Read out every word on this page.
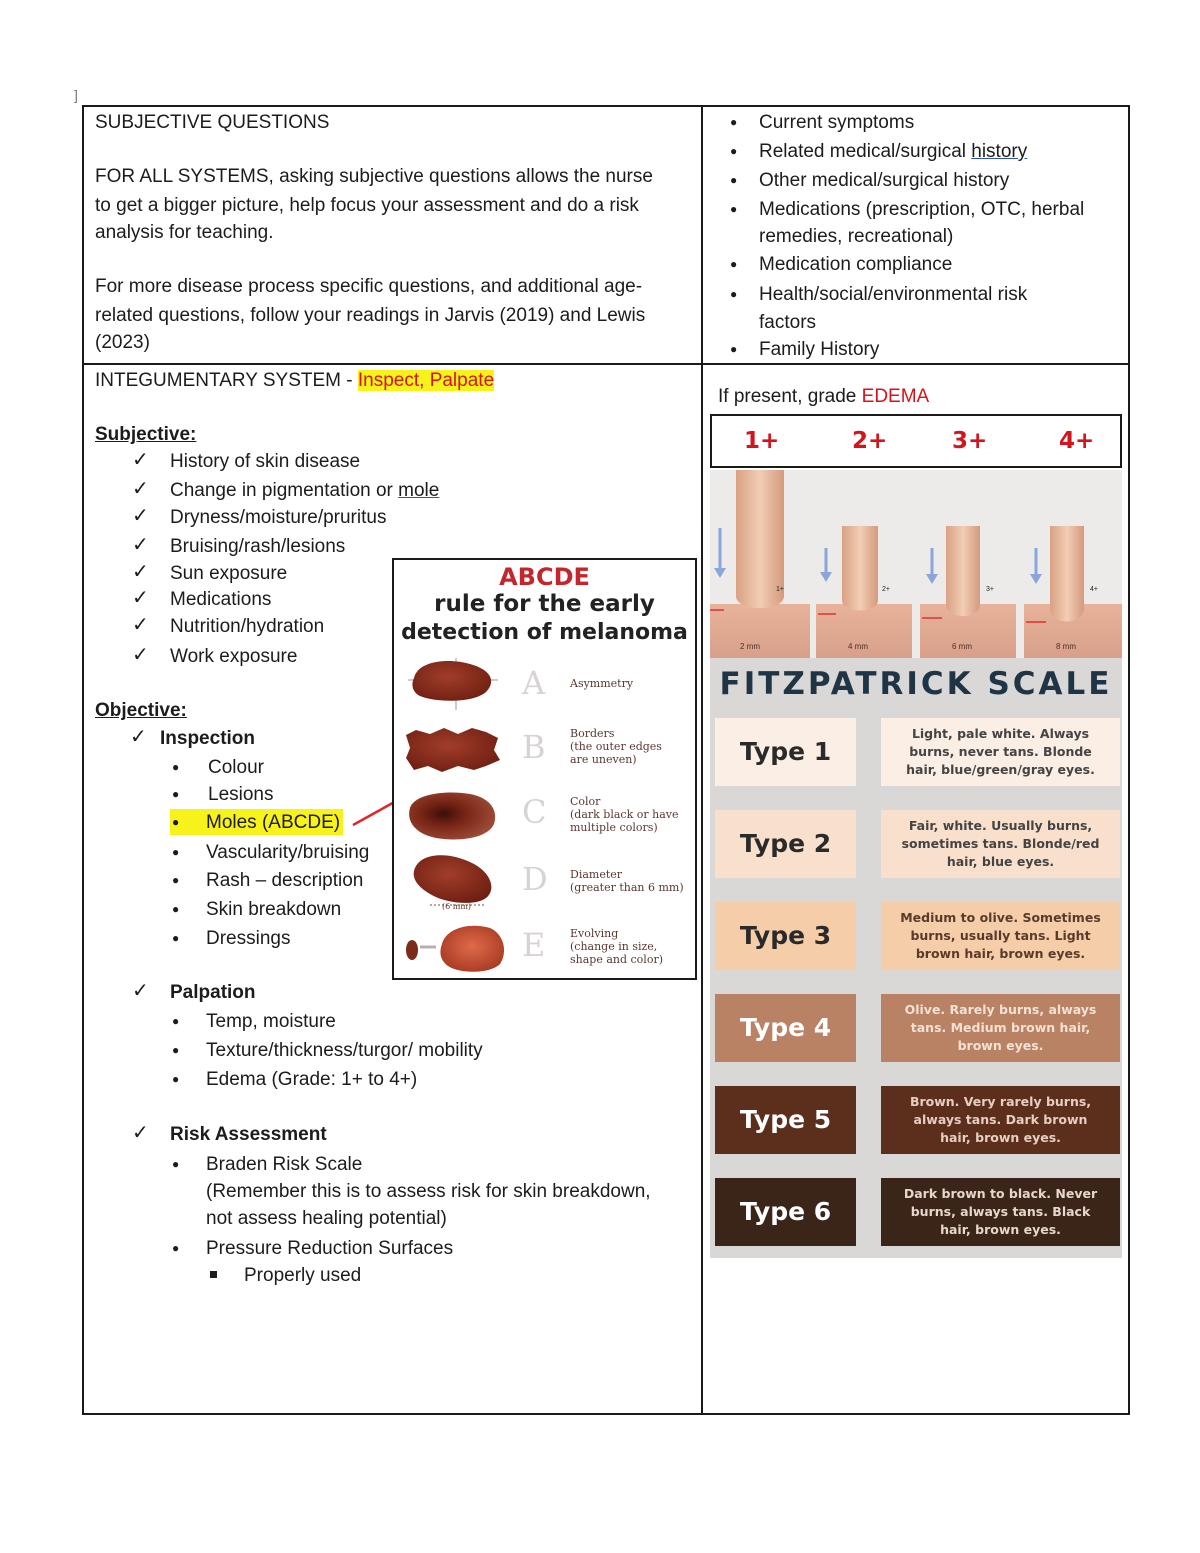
]
SUBJECTIVE QUESTIONS
FOR ALL SYSTEMS, asking subjective questions allows the nurse
to get a bigger picture, help focus your assessment and do a risk
analysis for teaching.
For more disease process specific questions, and additional age-
related questions, follow your readings in Jarvis (2019) and Lewis
(2023)
● Current symptoms
● Related medical/surgical history
● Other medical/surgical history
● Medications (prescription, OTC, herbal
remedies, recreational)
● Medication compliance
● Health/social/environmental risk
factors
● Family History
INTEGUMENTARY SYSTEM - Inspect, Palpate
Subjective:
✓ History of skin disease
✓ Change in pigmentation or mole
✓ Dryness/moisture/pruritus
✓ Bruising/rash/lesions
✓ Sun exposure
✓ Medications
✓ Nutrition/hydration
✓ Work exposure
Objective:
✓ Inspection
● Colour
● Lesions
● Moles (ABCDE)
● Vascularity/bruising
● Rash – description
● Skin breakdown
● Dressings
✓ Palpation
● Temp, moisture
● Texture/thickness/turgor/ mobility
● Edema (Grade: 1+ to 4+)
✓ Risk Assessment
● Braden Risk Scale
(Remember this is to assess risk for skin breakdown,
not assess healing potential)
● Pressure Reduction Surfaces
Properly used
ABCDE
rule for the early
detection of melanoma
A Asymmetry
B Borders
(the outer edges
are uneven)
C Color
(dark black or have
multiple colors)
D Diameter
(greater than 6 mm)
(6 mm)
E Evolving
(change in size,
shape and color)
If present, grade EDEMA
1+	2+	3+	4+
1+	2+	3+	4+
2 mm	4 mm	6 mm	8 mm
FITZPATRICK SCALE
Type 1
Light, pale white. Always
burns, never tans. Blonde
hair, blue/green/gray eyes.
Type 2
Fair, white. Usually burns,
sometimes tans. Blonde/red
hair, blue eyes.
Type 3
Medium to olive. Sometimes
burns, usually tans. Light
brown hair, brown eyes.
Type 4
Olive. Rarely burns, always
tans. Medium brown hair,
brown eyes.
Type 5
Brown. Very rarely burns,
always tans. Dark brown
hair, brown eyes.
Type 6
Dark brown to black. Never
burns, always tans. Black
hair, brown eyes.
